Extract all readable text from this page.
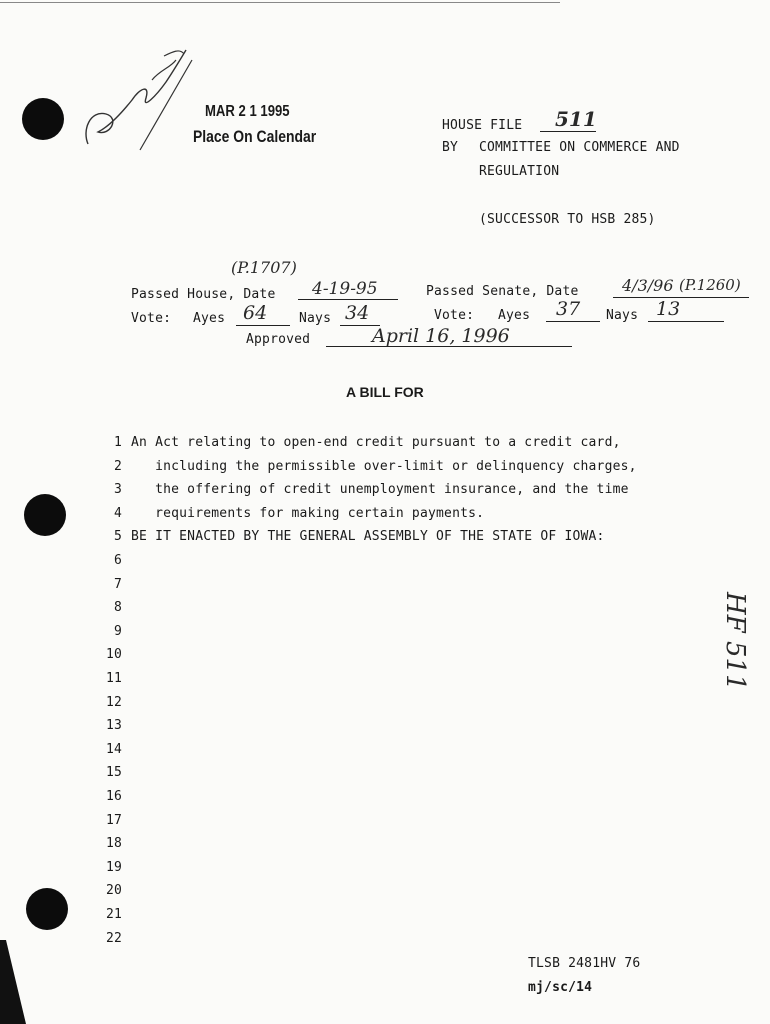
MAR 2 1 1995
Place On Calendar
HOUSE FILE 511
BY COMMITTEE ON COMMERCE AND
REGULATION
(SUCCESSOR TO HSB 285)
(P.1707)
Passed House, Date 4-19-95	Passed Senate, Date	4/3/96 (P.1260)
Vote: Ayes 64 Nays 34	Vote: Ayes 37 Nays 13
Approved	April 16, 1996
A BILL FOR
1 An Act relating to open-end credit pursuant to a credit card,
2 including the permissible over-limit or delinquency charges,
3 the offering of credit unemployment insurance, and the time
4 requirements for making certain payments.
5 BE IT ENACTED BY THE GENERAL ASSEMBLY OF THE STATE OF IOWA:
6
7
8
9
10
11
12
13
14
15
16
17
18
19
20
21
22
HF 511
TLSB 2481HV 76
mj/sc/14
